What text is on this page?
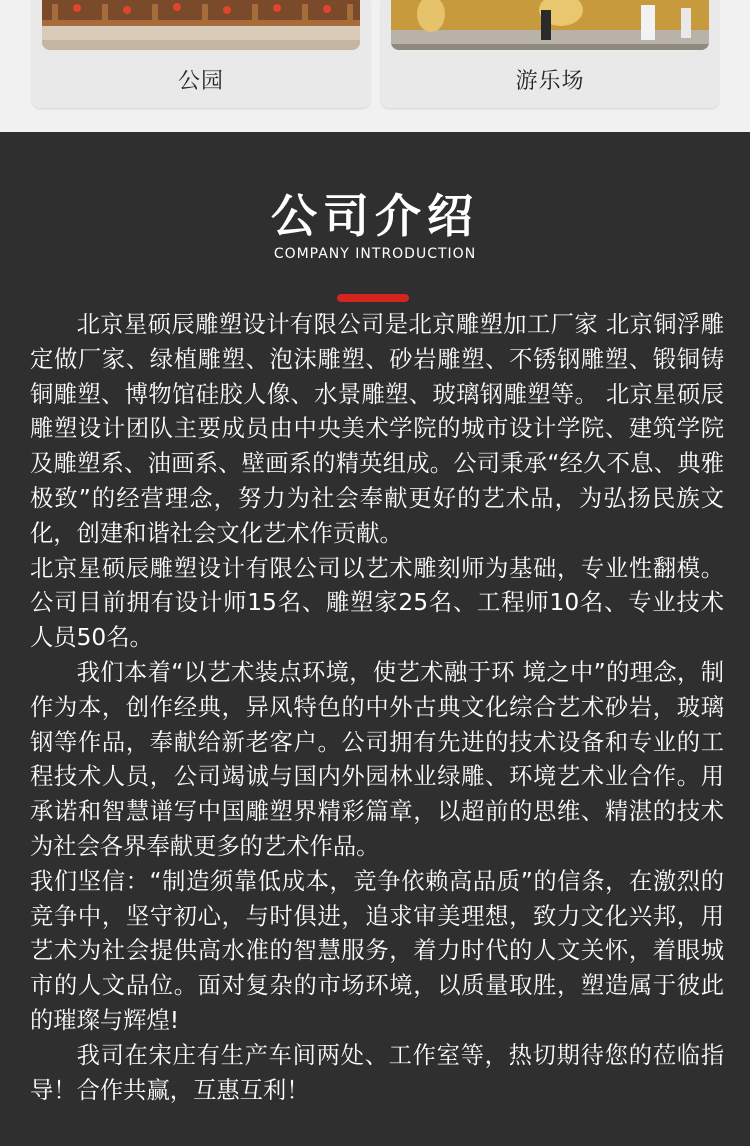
公园	游乐场
公司介绍
COMPANY INTRODUCTION

北京星硕辰雕塑设计有限公司是北京雕塑加工厂家 北京铜浮雕定做厂家、绿植雕塑、泡沫雕塑、砂岩雕塑、不锈钢雕塑、锻铜铸铜雕塑、博物馆硅胶人像、水景雕塑、玻璃钢雕塑等。 北京星硕辰雕塑设计团队主要成员由中央美术学院的城市设计学院、建筑学院及雕塑系、油画系、壁画系的精英组成。公司秉承“经久不息、典雅极致”的经营理念，努力为社会奉献更好的艺术品，为弘扬民族文化，创建和谐社会文化艺术作贡献。

北京星硕辰雕塑设计有限公司以艺术雕刻师为基础，专业性翻模。公司目前拥有设计师15名、雕塑家25名、工程师10名、专业技术人员50名。

我们本着“以艺术装点环境，使艺术融于环 境之中”的理念，制作为本，创作经典，异风特色的中外古典文化综合艺术砂岩，玻璃钢等作品，奉献给新老客户。公司拥有先进的技术设备和专业的工程技术人员，公司竭诚与国内外园林业绿雕、环境艺术业合作。用承诺和智慧谱写中国雕塑界精彩篇章，以超前的思维、精湛的技术为社会各界奉献更多的艺术作品。

我们坚信：“制造须靠低成本，竞争依赖高品质”的信条，在激烈的竞争中，坚守初心，与时俱进，追求审美理想，致力文化兴邦，用艺术为社会提供高水准的智慧服务，着力时代的人文关怀，着眼城市的人文品位。面对复杂的市场环境，以质量取胜，塑造属于彼此的璀璨与辉煌!

我司在宋庄有生产车间两处、工作室等，热切期待您的莅临指导！合作共赢，互惠互利！
